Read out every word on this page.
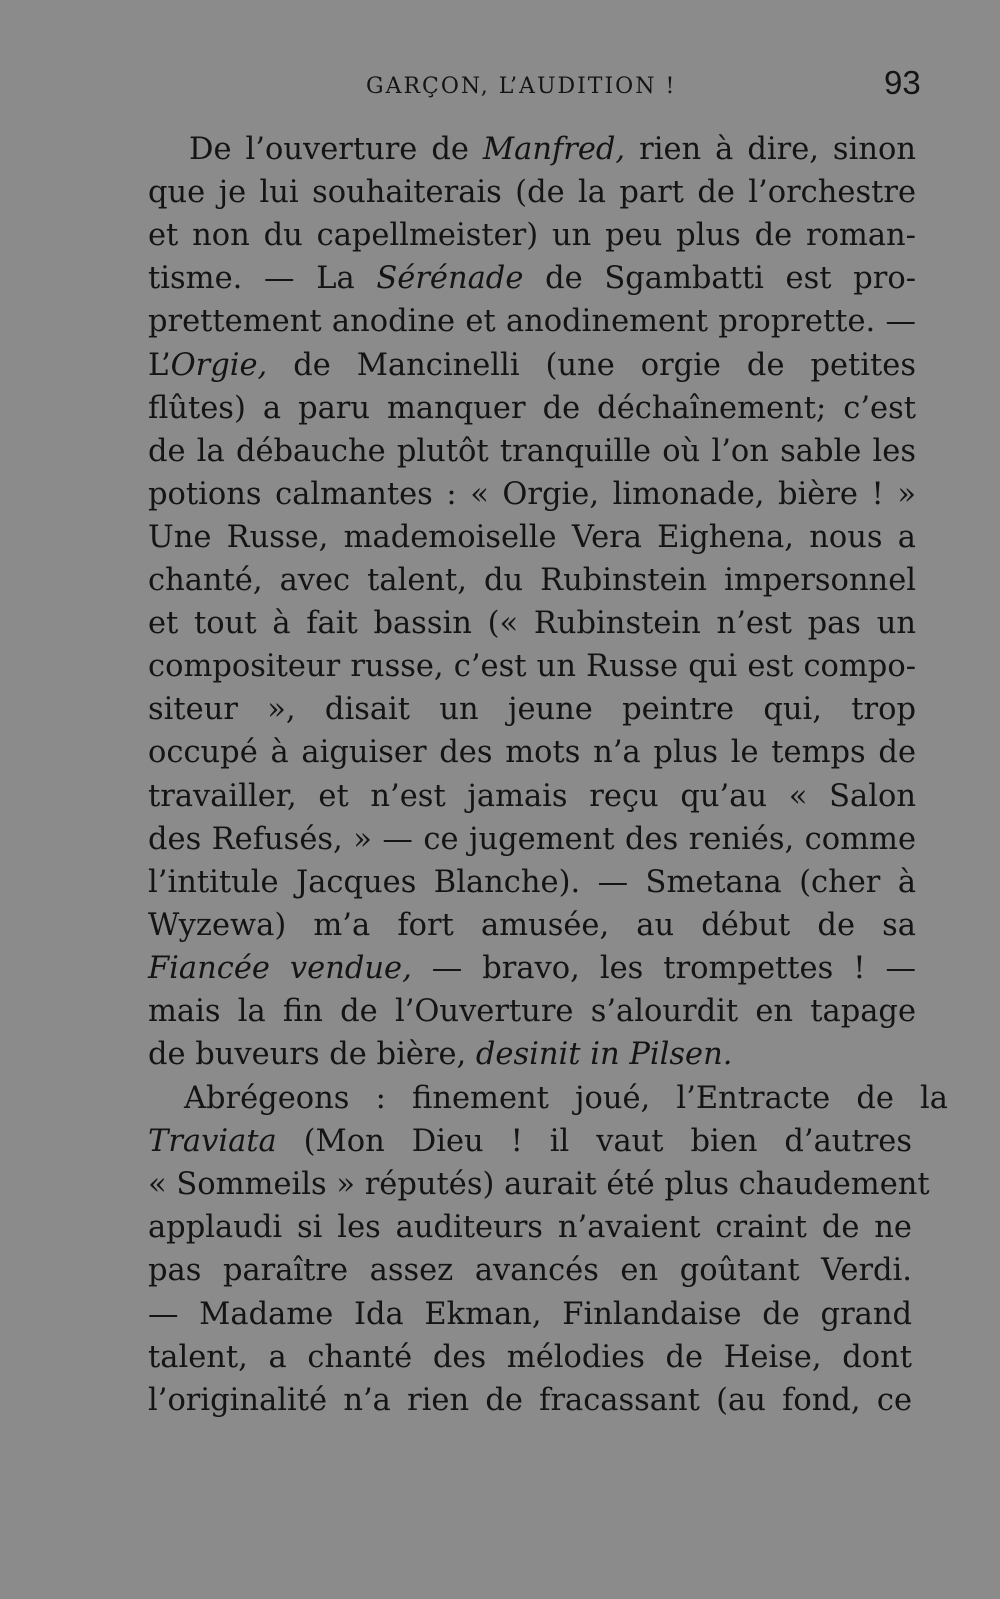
GARÇON, L’AUDITION !	93
De l’ouverture de Manfred, rien à dire, sinon
que je lui souhaiterais (de la part de l’orchestre
et non du capellmeister) un peu plus de roman-
tisme. — La Sérénade de Sgambatti est pro-
prettement anodine et anodinement proprette. —
L’Orgie, de Mancinelli (une orgie de petites
flûtes) a paru manquer de déchaînement; c’est
de la débauche plutôt tranquille où l’on sable les
potions calmantes : « Orgie, limonade, bière ! »
Une Russe, mademoiselle Vera Eighena, nous a
chanté, avec talent, du Rubinstein impersonnel
et tout à fait bassin (« Rubinstein n’est pas un
compositeur russe, c’est un Russe qui est compo-
siteur », disait un jeune peintre qui, trop
occupé à aiguiser des mots n’a plus le temps de
travailler, et n’est jamais reçu qu’au « Salon
des Refusés, » — ce jugement des reniés, comme
l’intitule Jacques Blanche). — Smetana (cher à
Wyzewa) m’a fort amusée, au début de sa
Fiancée vendue, — bravo, les trompettes ! —
mais la fin de l’Ouverture s’alourdit en tapage
de buveurs de bière, desinit in Pilsen.
Abrégeons : finement joué, l’Entracte de la
Traviata (Mon Dieu ! il vaut bien d’autres
« Sommeils » réputés) aurait été plus chaudement
applaudi si les auditeurs n’avaient craint de ne
pas paraître assez avancés en goûtant Verdi.
— Madame Ida Ekman, Finlandaise de grand
talent, a chanté des mélodies de Heise, dont
l’originalité n’a rien de fracassant (au fond, ce
